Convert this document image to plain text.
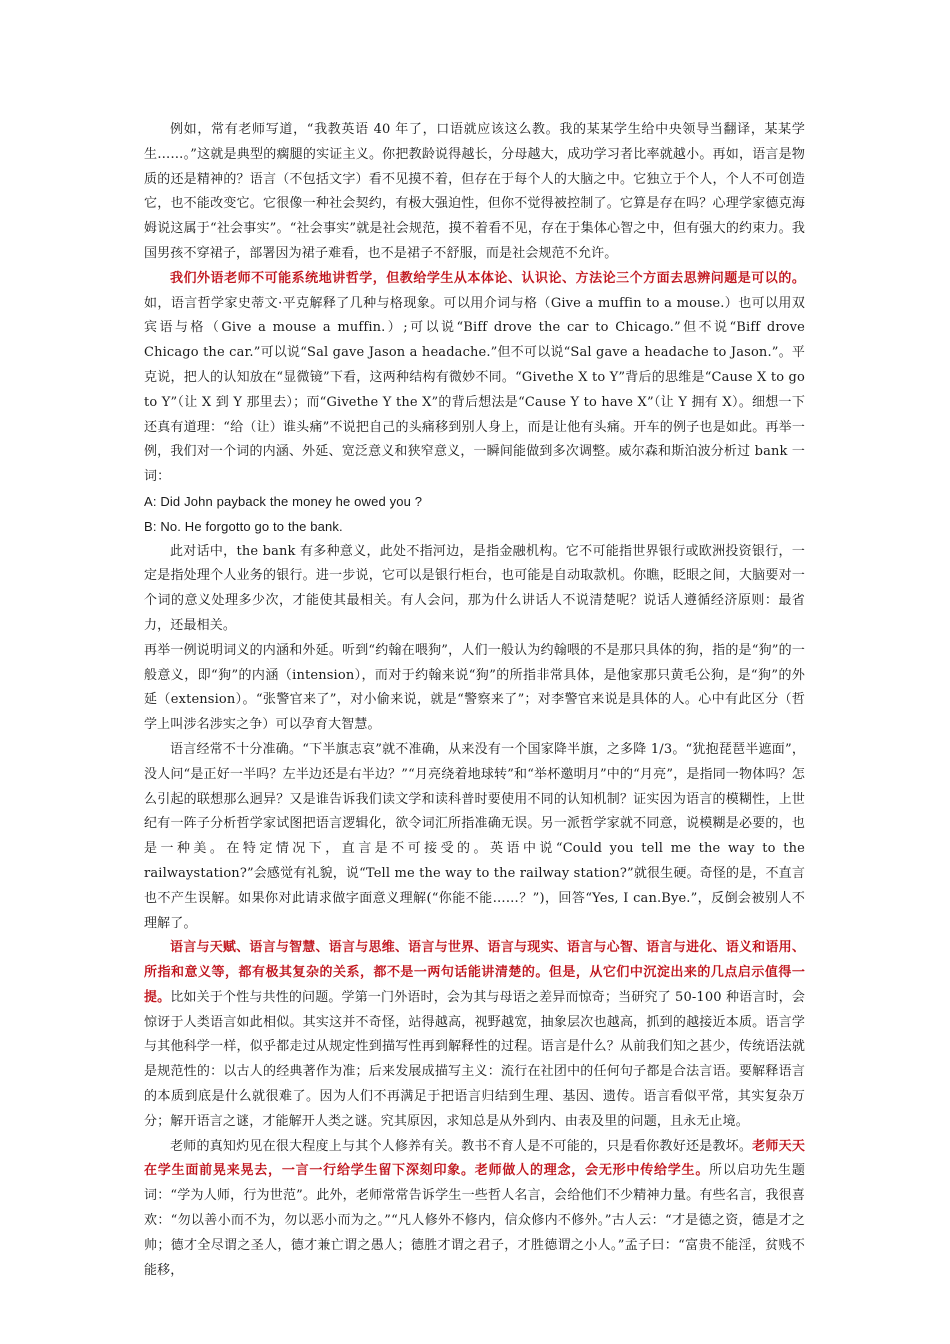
例如，常有老师写道，“我教英语 40 年了，口语就应该这么教。我的某某学生给中央领导当翻译，某某学生……。”这就是典型的瘸腿的实证主义。你把教龄说得越长，分母越大，成功学习者比率就越小。再如，语言是物质的还是精神的？语言（不包括文字）看不见摸不着，但存在于每个人的大脑之中。它独立于个人，个人不可创造它，也不能改变它。它很像一种社会契约，有极大强迫性，但你不觉得被控制了。它算是存在吗？心理学家德克海姆说这属于“社会事实”。“社会事实”就是社会规范，摸不着看不见，存在于集体心智之中，但有强大的约束力。我国男孩不穿裙子，部署因为裙子难看，也不是裙子不舒服，而是社会规范不允许。

我们外语老师不可能系统地讲哲学，但教给学生从本体论、认识论、方法论三个方面去思辨问题是可以的。如，语言哲学家史蒂文·平克解释了几种与格现象。可以用介词与格（Give a muffin to a mouse.）也可以用双宾语与格（Give a mouse a muffin.）;可以说“Biff drove the car to Chicago.”但不说“Biff drove Chicago the car.”可以说“Sal gave Jason a headache.”但不可以说“Sal gave a headache to Jason.”。平克说，把人的认知放在“显微镜”下看，这两种结构有微妙不同。“Givethe X to Y”背后的思维是“Cause X to go to Y”（让 X 到 Y 那里去）；而“Givethe Y the X”的背后想法是“Cause Y to have X”（让 Y 拥有 X）。细想一下还真有道理：“给（让）谁头痛”不说把自己的头痛移到别人身上，而是让他有头痛。开车的例子也是如此。再举一例，我们对一个词的内涵、外延、宽泛意义和狭窄意义，一瞬间能做到多次调整。威尔森和斯泊波分析过 bank 一词：

A: Did John payback the money he owed you ?

B: No. He forgotto go to the bank.

此对话中，the bank 有多种意义，此处不指河边，是指金融机构。它不可能指世界银行或欧洲投资银行，一定是指处理个人业务的银行。进一步说，它可以是银行柜台，也可能是自动取款机。你瞧，眨眼之间，大脑要对一个词的意义处理多少次，才能使其最相关。有人会问，那为什么讲话人不说清楚呢？说话人遵循经济原则：最省力，还最相关。

再举一例说明词义的内涵和外延。听到“约翰在喂狗”，人们一般认为约翰喂的不是那只具体的狗，指的是“狗”的一般意义，即“狗”的内涵（intension），而对于约翰来说“狗”的所指非常具体，是他家那只黄毛公狗，是“狗”的外延（extension）。“张警官来了”，对小偷来说，就是“警察来了”；对李警官来说是具体的人。心中有此区分（哲学上叫涉名涉实之争）可以孕育大智慧。

语言经常不十分准确。“下半旗志哀”就不准确，从来没有一个国家降半旗，之多降 1/3。“犹抱琵琶半遮面”，没人问“是正好一半吗？左半边还是右半边？”“月亮绕着地球转”和“举杯邀明月”中的“月亮”，是指同一物体吗？怎么引起的联想那么迥异？又是谁告诉我们读文学和读科普时要使用不同的认知机制？证实因为语言的模糊性，上世纪有一阵子分析哲学家试图把语言逻辑化，欲令词汇所指准确无误。另一派哲学家就不同意，说模糊是必要的，也是一种美。在特定情况下，直言是不可接受的。英语中说“Could you tell me the way to the railwaystation?”会感觉有礼貌，说“Tell me the way to the railway station?”就很生硬。奇怪的是，不直言也不产生误解。如果你对此请求做字面意义理解(“你能不能……？”)，回答“Yes, I can.Bye.”，反倒会被别人不理解了。

语言与天赋、语言与智慧、语言与思维、语言与世界、语言与现实、语言与心智、语言与进化、语义和语用、所指和意义等，都有极其复杂的关系，都不是一两句话能讲清楚的。但是，从它们中沉淀出来的几点启示值得一提。比如关于个性与共性的问题。学第一门外语时，会为其与母语之差异而惊奇；当研究了 50-100 种语言时，会惊讶于人类语言如此相似。其实这并不奇怪，站得越高，视野越宽，抽象层次也越高，抓到的越接近本质。语言学与其他科学一样，似乎都走过从规定性到描写性再到解释性的过程。语言是什么？从前我们知之甚少，传统语法就是规范性的：以古人的经典著作为准；后来发展成描写主义：流行在社团中的任何句子都是合法言语。要解释语言的本质到底是什么就很难了。因为人们不再满足于把语言归结到生理、基因、遗传。语言看似平常，其实复杂万分；解开语言之谜，才能解开人类之谜。究其原因，求知总是从外到内、由表及里的问题，且永无止境。

老师的真知灼见在很大程度上与其个人修养有关。教书不育人是不可能的，只是看你教好还是教坏。老师天天在学生面前晃来晃去，一言一行给学生留下深刻印象。老师做人的理念，会无形中传给学生。所以启功先生题词：“学为人师，行为世范”。此外，老师常常告诉学生一些哲人名言，会给他们不少精神力量。有些名言，我很喜欢：“勿以善小而不为，勿以恶小而为之。”“凡人修外不修内，信众修内不修外。”古人云：“才是德之资，德是才之帅；德才全尽谓之圣人，德才兼亡谓之愚人；德胜才谓之君子，才胜德谓之小人。”孟子曰：“富贵不能淫，贫贱不能移，
